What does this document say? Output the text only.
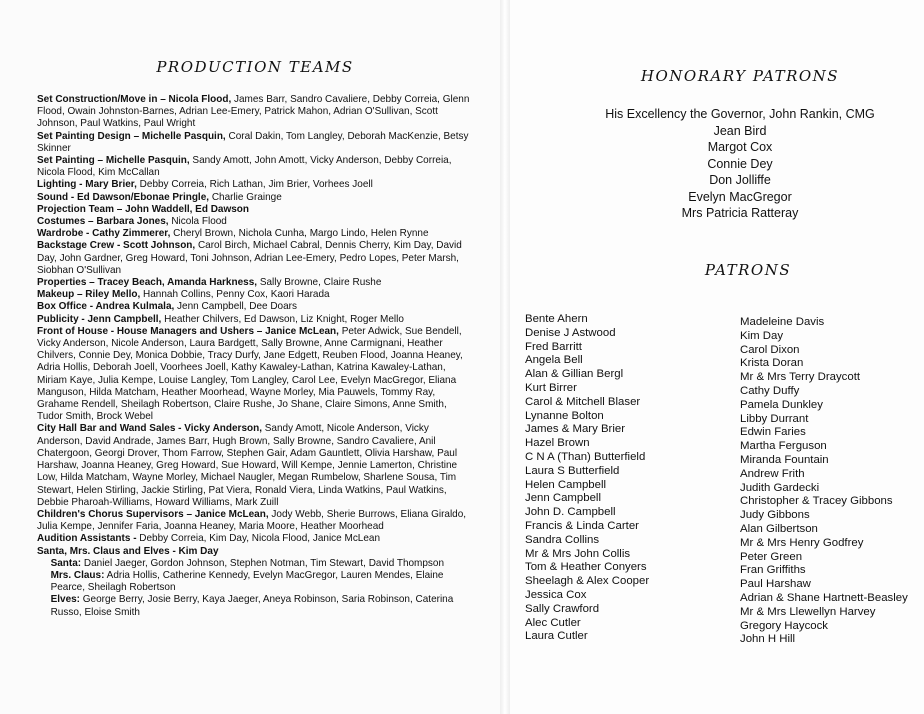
PRODUCTION TEAMS

Set Construction/Move in – Nicola Flood, James Barr, Sandro Cavaliere, Debby Correia, Glenn Flood, Owain Johnston-Barnes, Adrian Lee-Emery, Patrick Mahon, Adrian O'Sullivan, Scott Johnson, Paul Watkins, Paul Wright

Set Painting Design – Michelle Pasquin, Coral Dakin, Tom Langley, Deborah MacKenzie, Betsy Skinner

Set Painting – Michelle Pasquin, Sandy Amott, John Amott, Vicky Anderson, Debby Correia, Nicola Flood, Kim McCallan

Lighting - Mary Brier, Debby Correia, Rich Lathan, Jim Brier, Vorhees Joell

Sound - Ed Dawson/Ebonae Pringle, Charlie Grainge

Projection Team – John Waddell, Ed Dawson

Costumes – Barbara Jones, Nicola Flood

Wardrobe - Cathy Zimmerer, Cheryl Brown, Nichola Cunha, Margo Lindo, Helen Rynne

Backstage Crew - Scott Johnson, Carol Birch, Michael Cabral, Dennis Cherry, Kim Day, David Day, John Gardner, Greg Howard, Toni Johnson, Adrian Lee-Emery, Pedro Lopes, Peter Marsh, Siobhan O'Sullivan

Properties – Tracey Beach, Amanda Harkness, Sally Browne, Claire Rushe

Makeup – Riley Mello, Hannah Collins, Penny Cox, Kaori Harada

Box Office - Andrea Kulmala, Jenn Campbell, Dee Doars

Publicity - Jenn Campbell, Heather Chilvers, Ed Dawson, Liz Knight, Roger Mello

Front of House - House Managers and Ushers – Janice McLean, Peter Adwick, Sue Bendell, Vicky Anderson, Nicole Anderson, Laura Bardgett, Sally Browne, Anne Carmignani, Heather Chilvers, Connie Dey, Monica Dobbie, Tracy Durfy, Jane Edgett, Reuben Flood, Joanna Heaney, Adria Hollis, Deborah Joell, Voorhees Joell, Kathy Kawaley-Lathan, Katrina Kawaley-Lathan, Miriam Kaye, Julia Kempe, Louise Langley, Tom Langley, Carol Lee, Evelyn MacGregor, Eliana Manguson, Hilda Matcham, Heather Moorhead, Wayne Morley, Mia Pauwels, Tommy Ray, Grahame Rendell, Sheilagh Robertson, Claire Rushe, Jo Shane, Claire Simons, Anne Smith, Tudor Smith, Brock Webel

City Hall Bar and Wand Sales - Vicky Anderson, Sandy Amott, Nicole Anderson, Vicky Anderson, David Andrade, James Barr, Hugh Brown, Sally Browne, Sandro Cavaliere, Anil Chatergoon, Georgi Drover, Thom Farrow, Stephen Gair, Adam Gauntlett, Olivia Harshaw, Paul Harshaw, Joanna Heaney, Greg Howard, Sue Howard, Will Kempe, Jennie Lamerton, Christine Low, Hilda Matcham, Wayne Morley, Michael Naugler, Megan Rumbelow, Sharlene Sousa, Tim Stewart, Helen Stirling, Jackie Stirling, Pat Viera, Ronald Viera, Linda Watkins, Paul Watkins, Debbie Pharoah-Williams, Howard Williams, Mark Zuill

Children's Chorus Supervisors – Janice McLean, Jody Webb, Sherie Burrows, Eliana Giraldo, Julia Kempe, Jennifer Faria, Joanna Heaney, Maria Moore, Heather Moorhead

Audition Assistants - Debby Correia, Kim Day, Nicola Flood, Janice McLean

Santa, Mrs. Claus and Elves - Kim Day

Santa: Daniel Jaeger, Gordon Johnson, Stephen Notman, Tim Stewart, David Thompson

Mrs. Claus: Adria Hollis, Catherine Kennedy, Evelyn MacGregor, Lauren Mendes, Elaine Pearce, Sheilagh Robertson

Elves: George Berry, Josie Berry, Kaya Jaeger, Aneya Robinson, Saria Robinson, Caterina Russo, Eloise Smith

HONORARY PATRONS
His Excellency the Governor, John Rankin, CMG
Jean Bird
Margot Cox
Connie Dey
Don Jolliffe
Evelyn MacGregor
Mrs Patricia Ratteray
PATRONS
Bente Ahern
Denise J Astwood
Fred Barritt
Angela Bell
Alan & Gillian Bergl
Kurt Birrer
Carol & Mitchell Blaser
Lynanne Bolton
James & Mary Brier
Hazel Brown
C N A (Than) Butterfield
Laura S Butterfield
Helen Campbell
Jenn Campbell
John D. Campbell
Francis & Linda Carter
Sandra Collins
Mr & Mrs John Collis
Tom & Heather Conyers
Sheelagh & Alex Cooper
Jessica Cox
Sally Crawford
Alec Cutler
Laura Cutler
Madeleine Davis
Kim Day
Carol Dixon
Krista Doran
Mr & Mrs Terry Draycott
Cathy Duffy
Pamela Dunkley
Libby Durrant
Edwin Faries
Martha Ferguson
Miranda Fountain
Andrew Frith
Judith Gardecki
Christopher & Tracey Gibbons
Judy Gibbons
Alan Gilbertson
Mr & Mrs Henry Godfrey
Peter Green
Fran Griffiths
Paul Harshaw
Adrian & Shane Hartnett-Beasley
Mr & Mrs Llewellyn Harvey
Gregory Haycock
John H Hill
